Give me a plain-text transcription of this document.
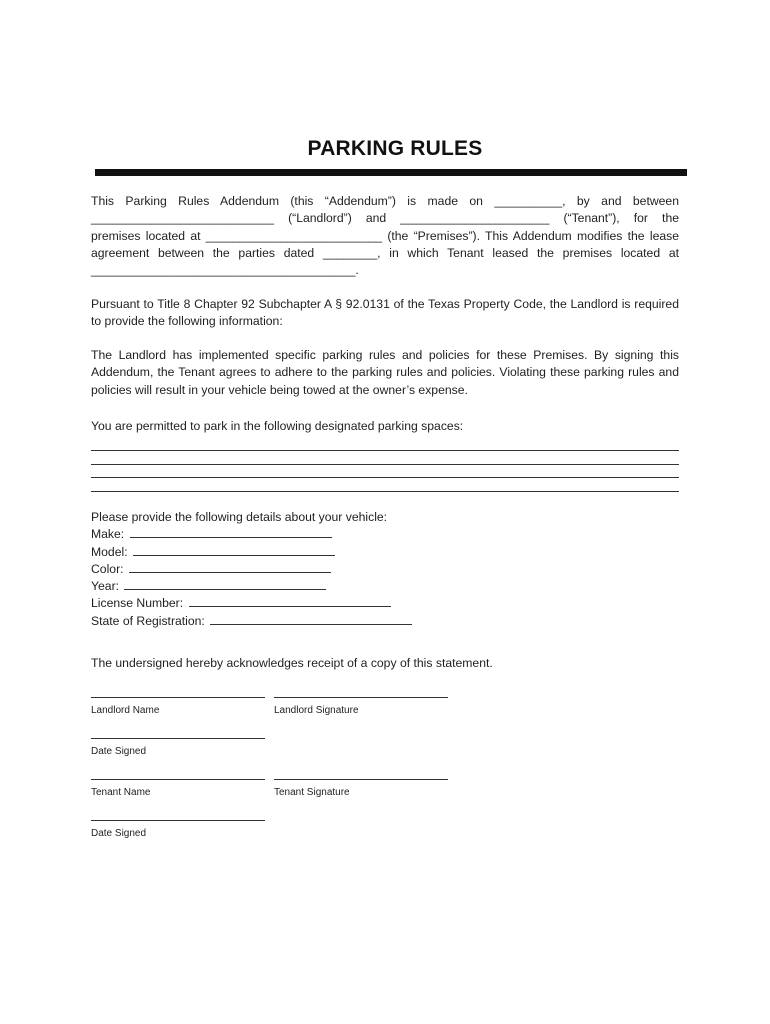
PARKING RULES
This Parking Rules Addendum (this “Addendum”) is made on __________, by and between
___________________________ (“Landlord”) and ______________________ (“Tenant”), for the
premises located at __________________________ (the “Premises”). This Addendum modifies the lease
agreement between the parties dated ________, in which Tenant leased the premises located at
_______________________________________.
Pursuant to Title 8 Chapter 92 Subchapter A § 92.0131 of the Texas Property Code, the Landlord is required
to provide the following information:
The Landlord has implemented specific parking rules and policies for these Premises. By signing this
Addendum, the Tenant agrees to adhere to the parking rules and policies. Violating these parking rules and
policies will result in your vehicle being towed at the owner’s expense.
You are permitted to park in the following designated parking spaces:
Please provide the following details about your vehicle:
Make:
Model:
Color:
Year:
License Number:
State of Registration:
The undersigned hereby acknowledges receipt of a copy of this statement.
Landlord Name	Landlord Signature
Date Signed
Tenant Name	Tenant Signature
Date Signed
